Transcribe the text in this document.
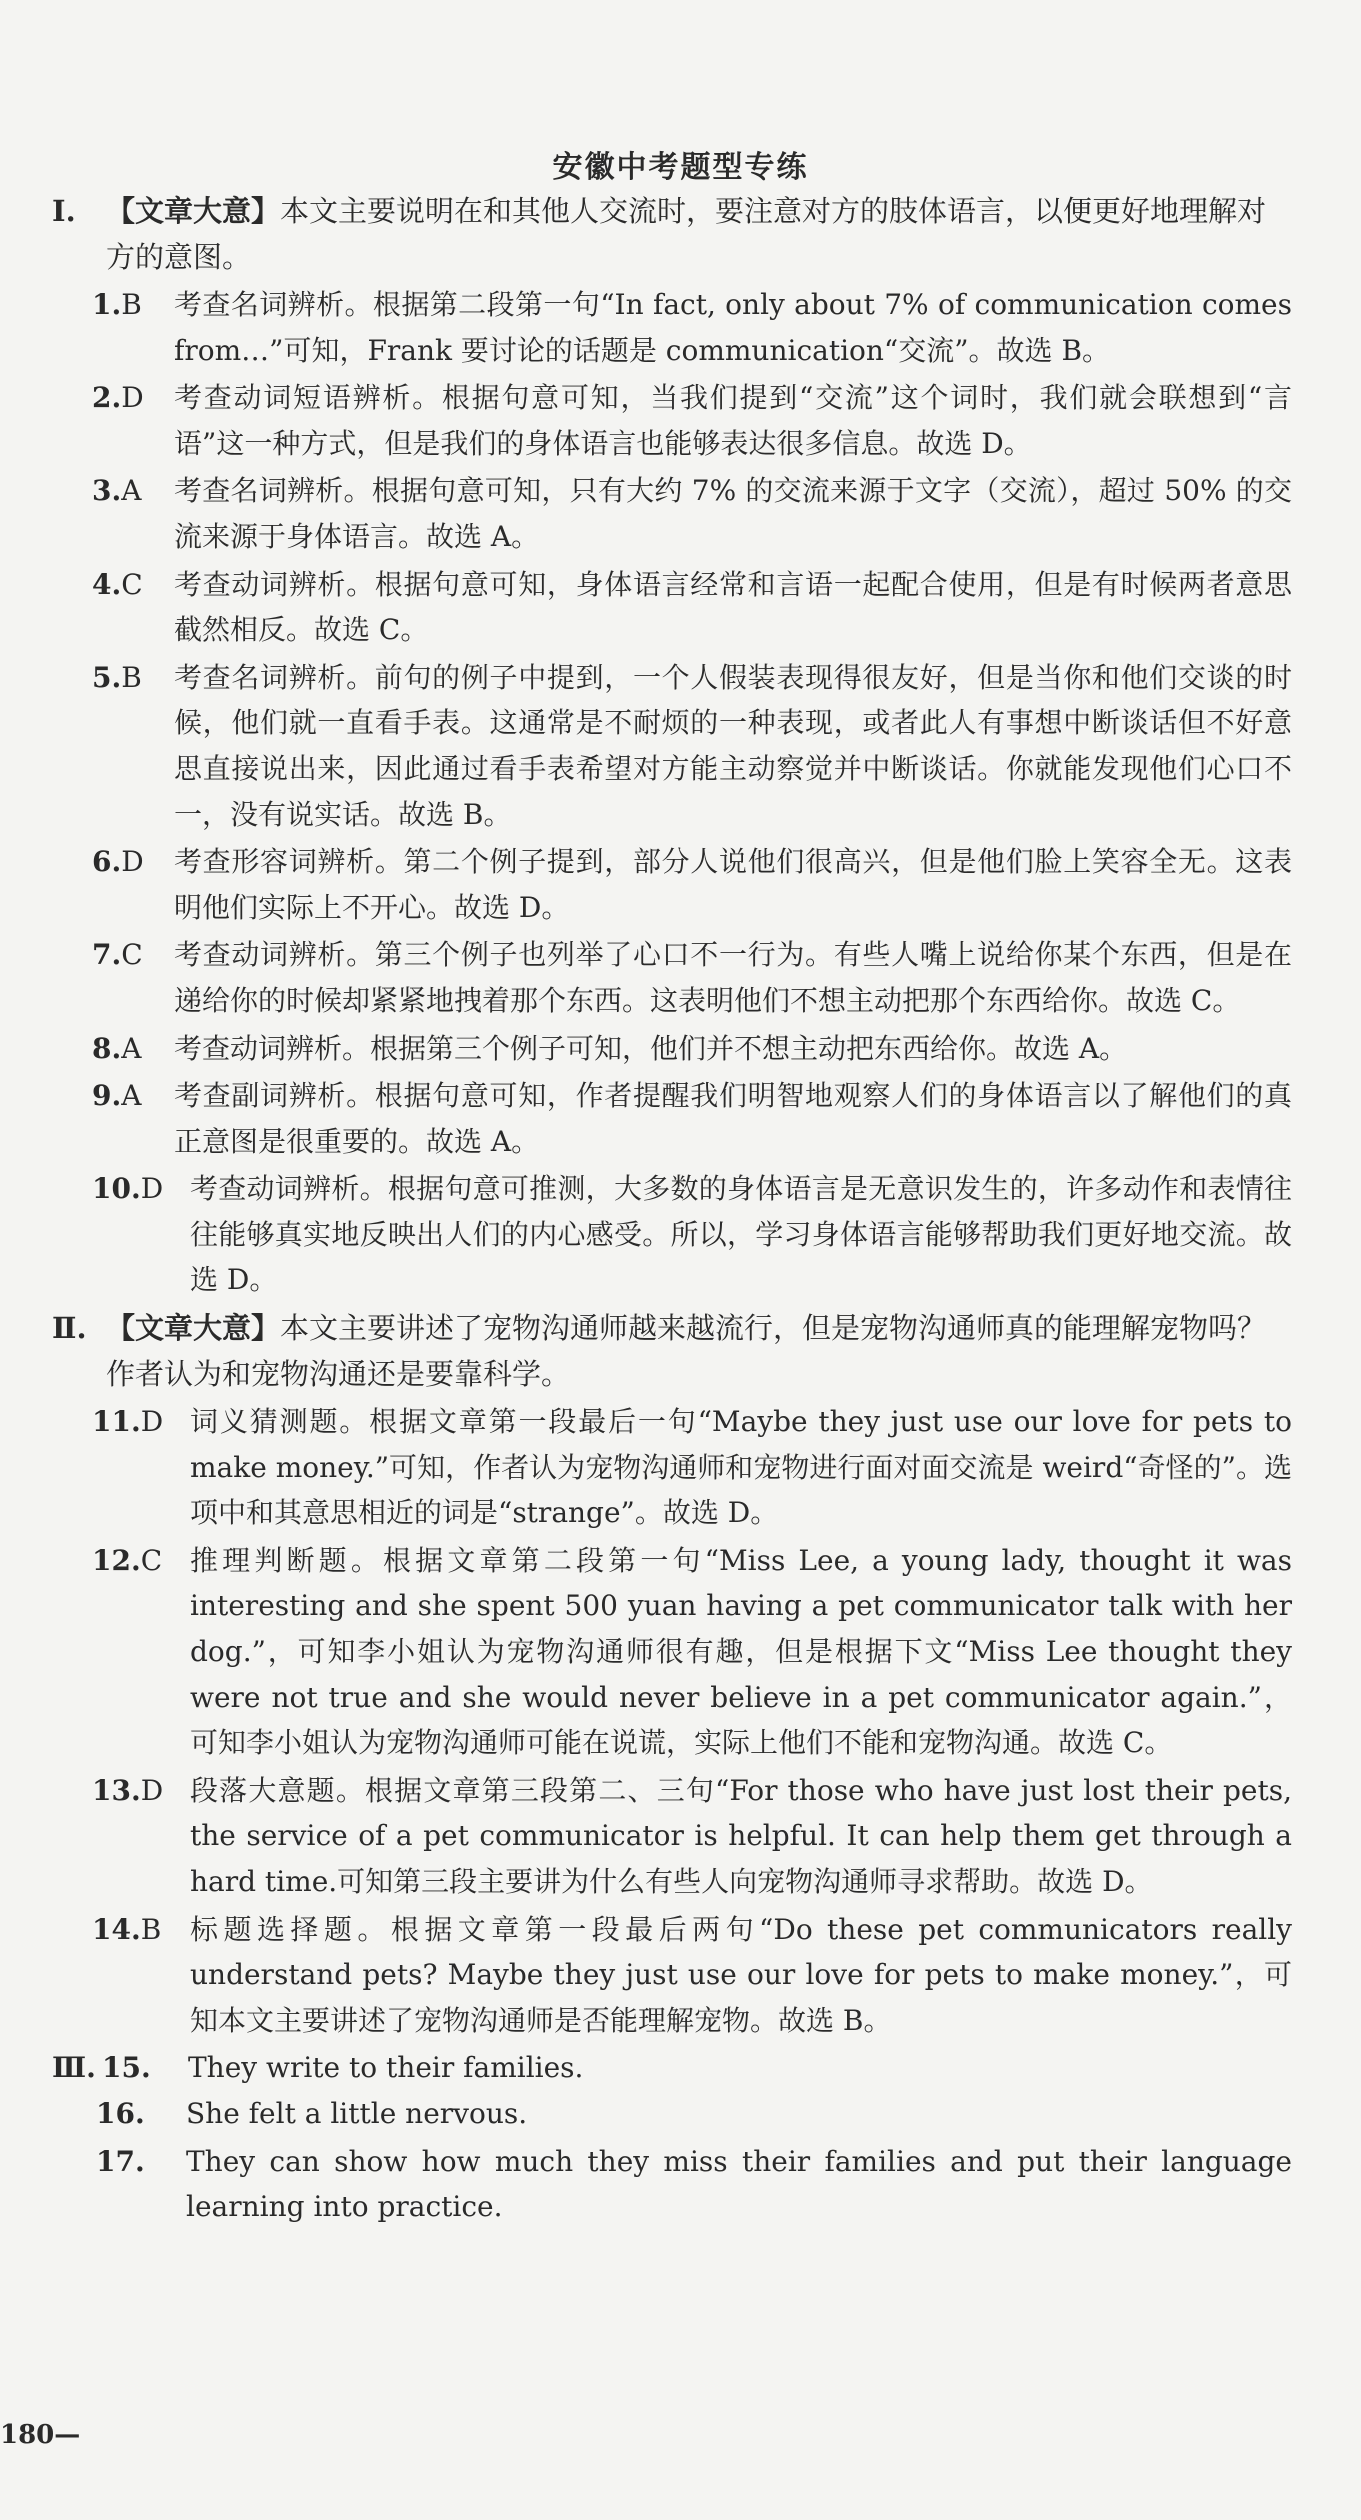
安徽中考题型专练
Ⅰ. 【文章大意】本文主要说明在和其他人交流时，要注意对方的肢体语言，以便更好地理解对方的意图。
1.B	考查名词辨析。根据第二段第一句“In fact, only about 7% of communication comes from…”可知，Frank 要讨论的话题是 communication“交流”。故选 B。
2.D	考查动词短语辨析。根据句意可知，当我们提到“交流”这个词时，我们就会联想到“言语”这一种方式，但是我们的身体语言也能够表达很多信息。故选 D。
3.A	考查名词辨析。根据句意可知，只有大约 7% 的交流来源于文字（交流），超过 50% 的交流来源于身体语言。故选 A。
4.C	考查动词辨析。根据句意可知，身体语言经常和言语一起配合使用，但是有时候两者意思截然相反。故选 C。
5.B	考查名词辨析。前句的例子中提到，一个人假装表现得很友好，但是当你和他们交谈的时候，他们就一直看手表。这通常是不耐烦的一种表现，或者此人有事想中断谈话但不好意思直接说出来，因此通过看手表希望对方能主动察觉并中断谈话。你就能发现他们心口不一，没有说实话。故选 B。
6.D	考查形容词辨析。第二个例子提到，部分人说他们很高兴，但是他们脸上笑容全无。这表明他们实际上不开心。故选 D。
7.C	考查动词辨析。第三个例子也列举了心口不一行为。有些人嘴上说给你某个东西，但是在递给你的时候却紧紧地拽着那个东西。这表明他们不想主动把那个东西给你。故选 C。
8.A	考查动词辨析。根据第三个例子可知，他们并不想主动把东西给你。故选 A。
9.A	考查副词辨析。根据句意可知，作者提醒我们明智地观察人们的身体语言以了解他们的真正意图是很重要的。故选 A。
10.D 考查动词辨析。根据句意可推测，大多数的身体语言是无意识发生的，许多动作和表情往往能够真实地反映出人们的内心感受。所以，学习身体语言能够帮助我们更好地交流。故选 D。
Ⅱ. 【文章大意】本文主要讲述了宠物沟通师越来越流行，但是宠物沟通师真的能理解宠物吗？作者认为和宠物沟通还是要靠科学。
11.D 词义猜测题。根据文章第一段最后一句“Maybe they just use our love for pets to make money.”可知，作者认为宠物沟通师和宠物进行面对面交流是 weird“奇怪的”。选项中和其意思相近的词是“strange”。故选 D。
12.C 推理判断题。根据文章第二段第一句“Miss Lee, a young lady, thought it was interesting and she spent 500 yuan having a pet communicator talk with her dog.”，可知李小姐认为宠物沟通师很有趣，但是根据下文“Miss Lee thought they were not true and she would never believe in a pet communicator again.”，可知李小姐认为宠物沟通师可能在说谎，实际上他们不能和宠物沟通。故选 C。
13.D 段落大意题。根据文章第三段第二、三句“For those who have just lost their pets, the service of a pet communicator is helpful. It can help them get through a hard time.可知第三段主要讲为什么有些人向宠物沟通师寻求帮助。故选 D。
14.B	标题选择题。根据文章第一段最后两句“Do these pet communicators really understand pets? Maybe they just use our love for pets to make money.”，可知本文主要讲述了宠物沟通师是否能理解宠物。故选 B。
Ⅲ. 15.	They write to their families.
16.	She felt a little nervous.
17.	They can show how much they miss their families and put their language learning into practice.
180—
